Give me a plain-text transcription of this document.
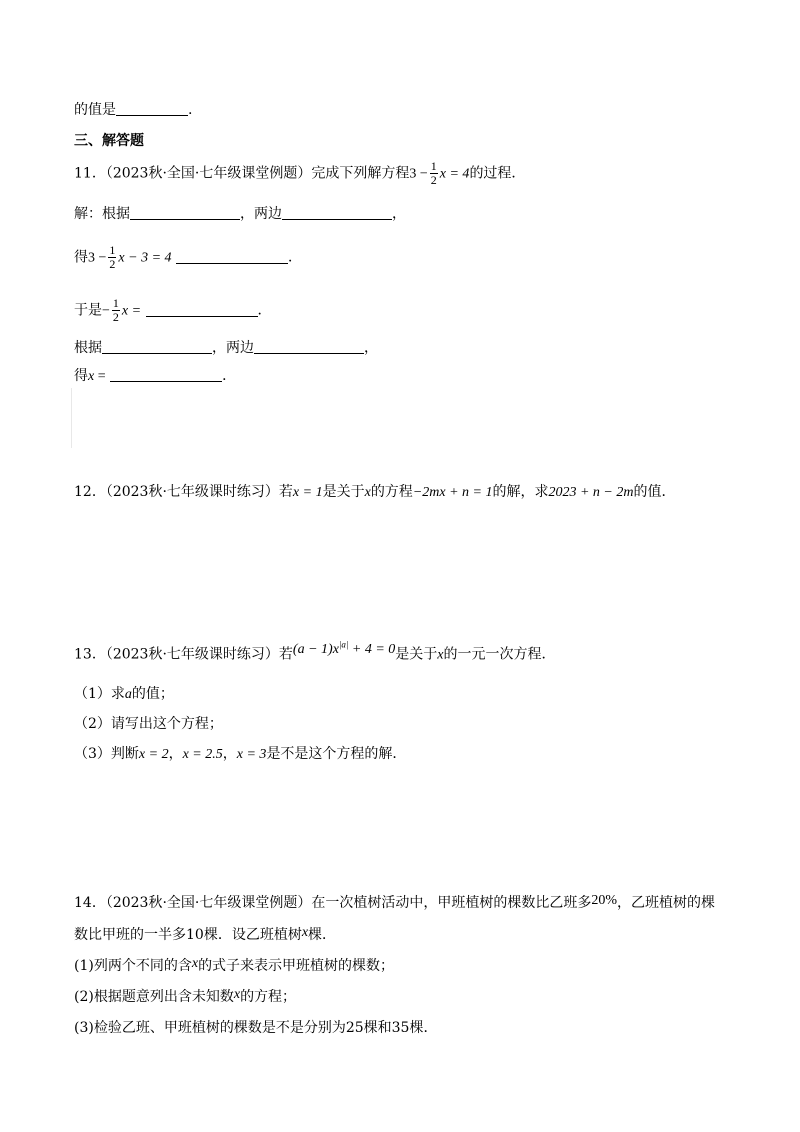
的值是	.
三、解答题
11．（2023秋·全国·七年级课堂例题）完成下列解方程$3 - \frac{1}{2}$ x = 4的过程．
解：根据	，两边	，
得$3 - \frac{1}{2}$ x − 3 = 4	．
于是− $\frac{1}{2}$ x =	．
根据	，两边	，
得x =	．
12．（2023秋·七年级课时练习）若x = 1是关于x的方程−2mx + n = 1的解，求2023 + n − 2m的值．
13．（2023秋·七年级课时练习）若$(a - 1)x^{|a|} + 4 = 0$是关于x的一元一次方程．
（1）求a的值；
（2）请写出这个方程；
（3）判断x = 2，x = 2.5，x = 3是不是这个方程的解．
14．（2023秋·全国·七年级课堂例题）在一次植树活动中，甲班植树的棵数比乙班多20%，乙班植树的棵
数比甲班的一半多10棵．设乙班植树x棵．
(1)列两个不同的含x的式子来表示甲班植树的棵数；
(2)根据题意列出含未知数x的方程；
(3)检验乙班、甲班植树的棵数是不是分别为25棵和35棵．
